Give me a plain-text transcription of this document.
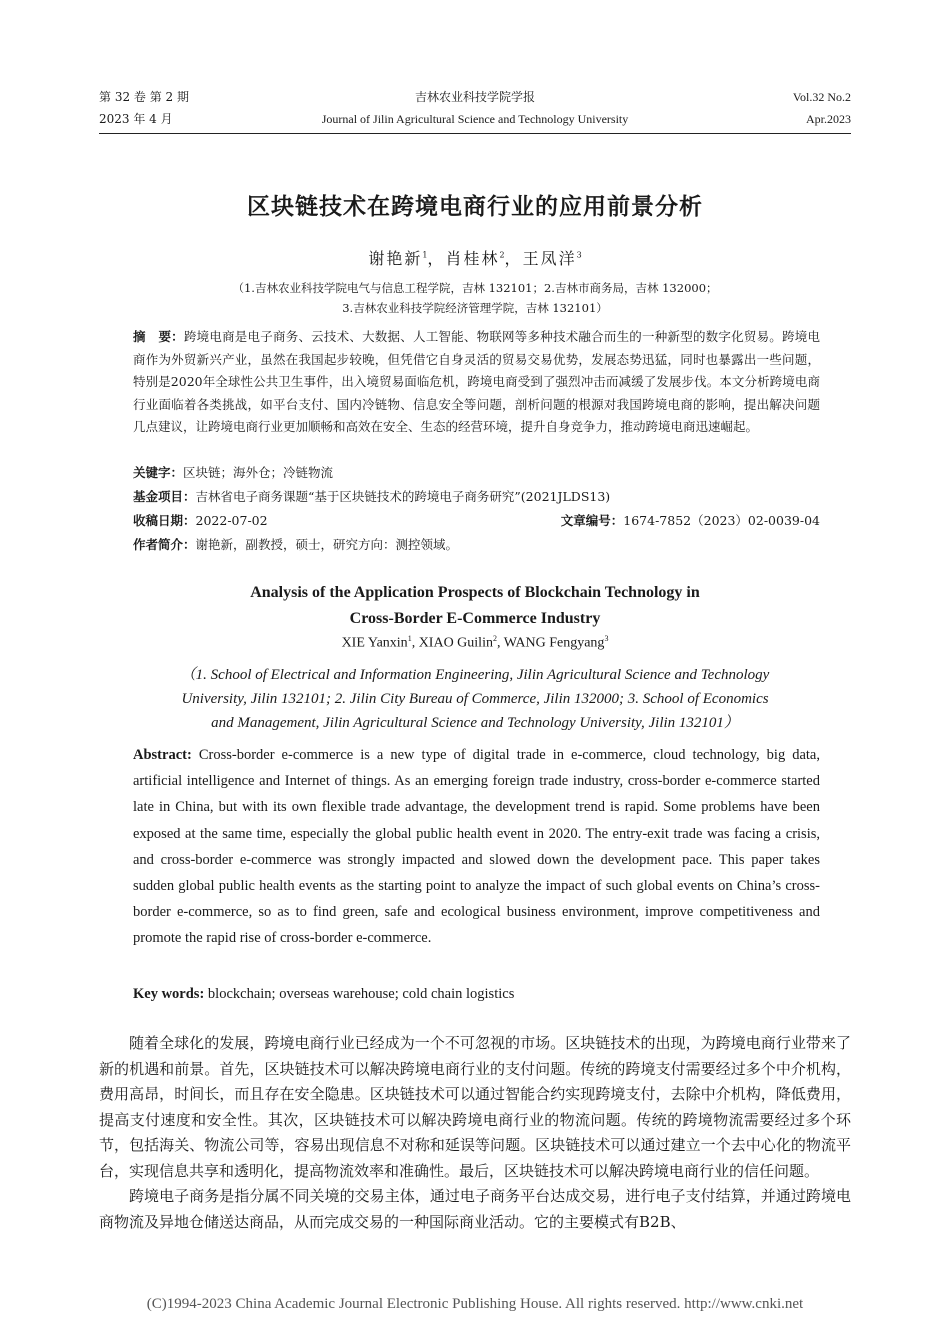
第 32 卷 第 2 期
2023 年 4 月
吉林农业科技学院学报
Journal of Jilin Agricultural Science and Technology University
Vol.32 No.2
Apr.2023
区块链技术在跨境电商行业的应用前景分析
谢艳新$^1$，肖桂林$^2$，王凤洋$^3$
（1.吉林农业科技学院电气与信息工程学院，吉林 132101；2.吉林市商务局，吉林 132000；
3.吉林农业科技学院经济管理学院，吉林 132101）
摘　要：跨境电商是电子商务、云技术、大数据、人工智能、物联网等多种技术融合而生的一种新型的数字化贸易。跨境电商作为外贸新兴产业，虽然在我国起步较晚，但凭借它自身灵活的贸易交易优势，发展态势迅猛，同时也暴露出一些问题，特别是2020年全球性公共卫生事件，出入境贸易面临危机，跨境电商受到了强烈冲击而减缓了发展步伐。本文分析跨境电商行业面临着各类挑战，如平台支付、国内冷链物、信息安全等问题，剖析问题的根源对我国跨境电商的影响，提出解决问题几点建议，让跨境电商行业更加顺畅和高效在安全、生态的经营环境，提升自身竞争力，推动跨境电商迅速崛起。
关键字：区块链；海外仓；冷链物流
基金项目：吉林省电子商务课题“基于区块链技术的跨境电子商务研究”(2021JLDS13)
收稿日期：2022-07-02	文章编号：1674-7852（2023）02-0039-04
作者简介：谢艳新，副教授，硕士，研究方向：测控领域。
Analysis of the Application Prospects of Blockchain Technology in
Cross-Border E-Commerce Industry
XIE Yanxin$^1$, XIAO Guilin$^2$, WANG Fengyang$^3$
（1. School of Electrical and Information Engineering, Jilin Agricultural Science and Technology
University, Jilin 132101; 2. Jilin City Bureau of Commerce, Jilin 132000; 3. School of Economics
and Management, Jilin Agricultural Science and Technology University, Jilin 132101）
Abstract: Cross-border e-commerce is a new type of digital trade in e-commerce, cloud technology, big data, artificial intelligence and Internet of things. As an emerging foreign trade industry, cross-border e-commerce started late in China, but with its own flexible trade advantage, the development trend is rapid. Some problems have been exposed at the same time, especially the global public health event in 2020. The entry-exit trade was facing a crisis, and cross-border e-commerce was strongly impacted and slowed down the development pace. This paper takes sudden global public health events as the starting point to analyze the impact of such global events on China’s cross-border e-commerce, so as to find green, safe and ecological business environment, improve competitiveness and promote the rapid rise of cross-border e-commerce.
Key words: blockchain; overseas warehouse; cold chain logistics

随着全球化的发展，跨境电商行业已经成为一个不可忽视的市场。区块链技术的出现，为跨境电商行业带来了新的机遇和前景。首先，区块链技术可以解决跨境电商行业的支付问题。传统的跨境支付需要经过多个中介机构，费用高昂，时间长，而且存在安全隐患。区块链技术可以通过智能合约实现跨境支付，去除中介机构，降低费用，提高支付速度和安全性。其次，区块链技术可以解决跨境电商行业的物流问题。传统的跨境物流需要经过多个环节，包括海关、物流公司等，容易出现信息不对称和延误等问题。区块链技术可以通过建立一个去中心化的物流平台，实现信息共享和透明化，提高物流效率和准确性。最后，区块链技术可以解决跨境电商行业的信任问题。

跨境电子商务是指分属不同关境的交易主体，通过电子商务平台达成交易，进行电子支付结算，并通过跨境电商物流及异地仓储送达商品，从而完成交易的一种国际商业活动。它的主要模式有B2B、

(C)1994-2023 China Academic Journal Electronic Publishing House. All rights reserved. http://www.cnki.net
